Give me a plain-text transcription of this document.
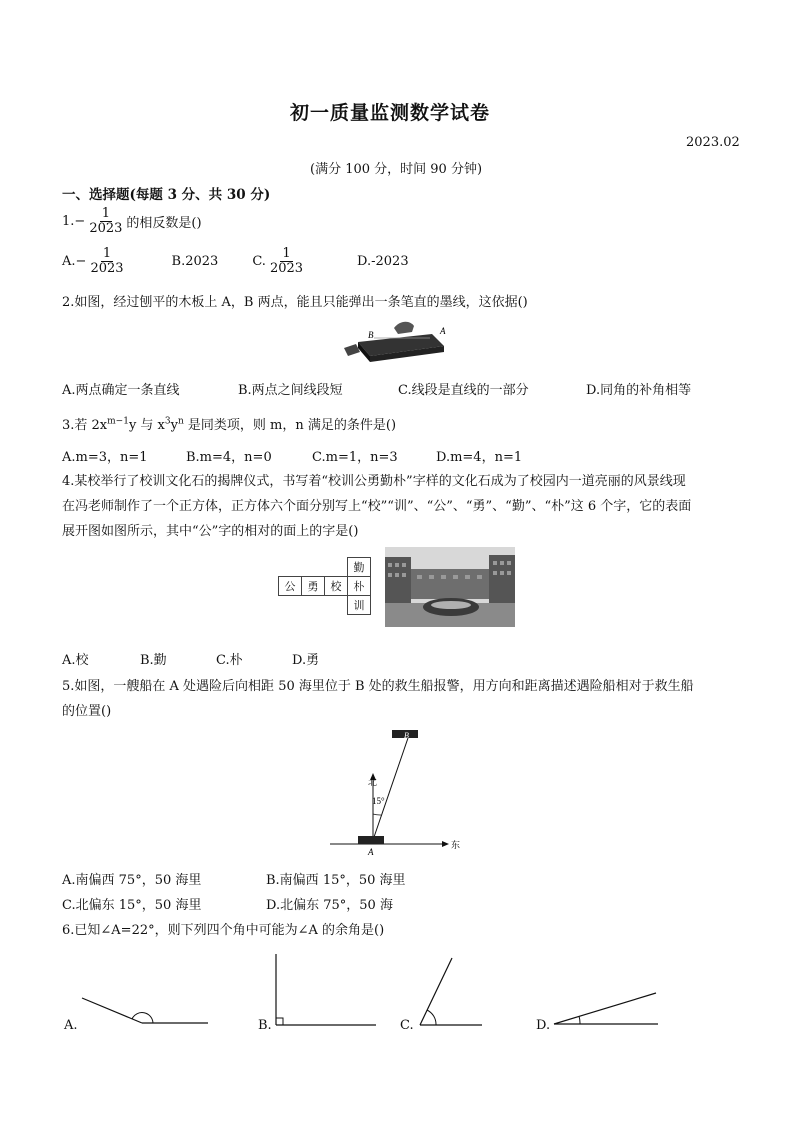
初一质量监测数学试卷
2023.02
(满分 100 分，时间 90 分钟)
一、选择题(每题 3 分、共 30 分)
1. − $\frac{1}{2023}$ 的相反数是()
A. − $\frac{1}{2023}$	B.2023	C. $\frac{1}{2023}$	D.-2023
2.如图，经过刨平的木板上 A，B 两点，能且只能弹出一条笔直的墨线，这依据()
B	A
A.两点确定一条直线	B.两点之间线段短	C.线段是直线的一部分	D.同角的补角相等
3.若 $2x^{m-1}y$ 与 $x^3y^n$ 是同类项，则 m，n 满足的条件是()
A.m=3，n=1	B.m=4，n=0	C.m=1，n=3	D.m=4，n=1
4.某校举行了校训文化石的揭牌仪式，书写着“校训公勇勤朴”字样的文化石成为了校园内一道亮丽的风景线现
在冯老师制作了一个正方体，正方体六个面分别写上“校”“训”、“公”、“勇”、“勤”、“朴”这 6 个字，它的表面
展开图如图所示，其中“公”字的相对的面上的字是()
			勤
公	勇	校	朴
			训
A.校	B.勤	C.朴	D.勇
5.如图，一艘船在 A 处遇险后向相距 50 海里位于 B 处的救生船报警，用方向和距离描述遇险船相对于救生船
的位置()
东
北
15°
B
A
A.南偏西 75°，50 海里	B.南偏西 15°，50 海里
C.北偏东 15°，50 海里	D.北偏东 75°，50 海
6.已知∠A=22°，则下列四个角中可能为∠A 的余角是()
A.	B.	C.	D.
